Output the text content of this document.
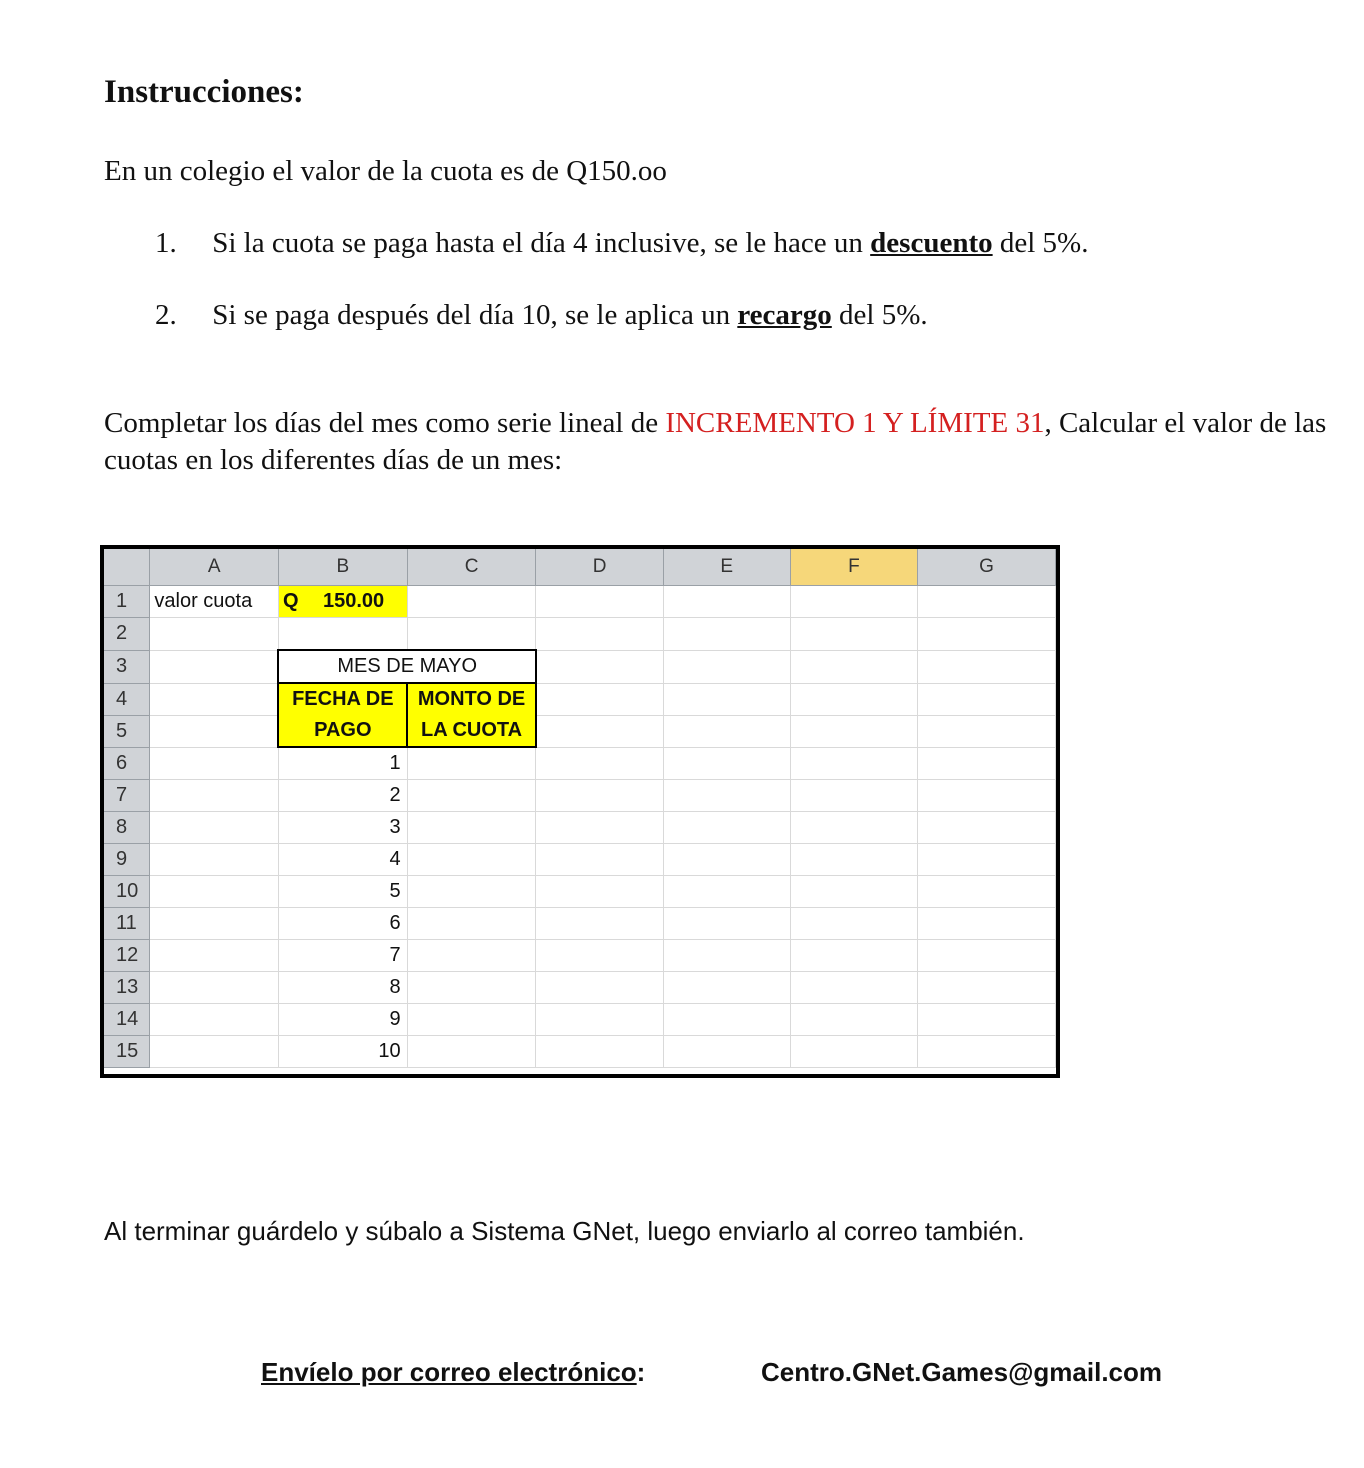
Instrucciones:
En un colegio el valor de la cuota es de Q150.oo
1. Si la cuota se paga hasta el día 4 inclusive, se le hace un descuento del 5%.
2. Si se paga después del día 10, se le aplica un recargo del 5%.
Completar los días del mes como serie lineal de INCREMENTO 1 Y LÍMITE 31, Calcular el valor de las cuotas en los diferentes días de un mes:
	A	B	C	D	E	F	G
1	valor cuota	Q 150.00					
2							
3		MES DE MAYO					
4		FECHA DE	MONTO DE				
5		PAGO	LA CUOTA				
6		1					
7		2					
8		3					
9		4					
10		5					
11		6					
12		7					
13		8					
14		9					
15		10					
Al terminar guárdelo y súbalo a Sistema GNet, luego enviarlo al correo también.
Envíelo por correo electrónico:	Centro.GNet.Games@gmail.com
